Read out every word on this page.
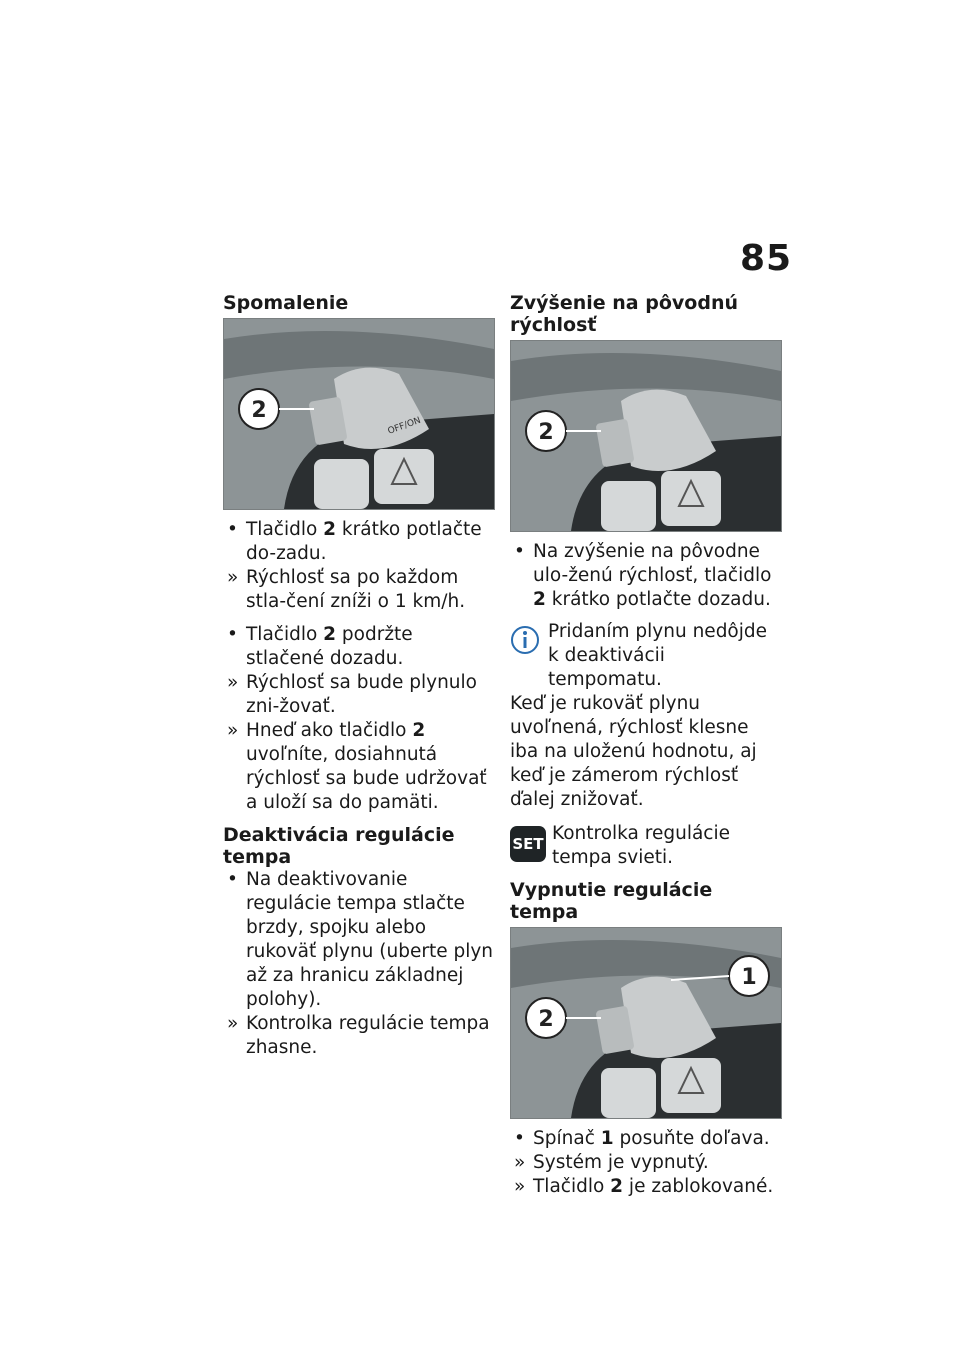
85
Spomalenie
OFF/ON
2

• Tlačidlo 2 krátko potlačte do-zadu.

» Rýchlosť sa po každom stla-čení zníži o 1 km/h.

• Tlačidlo 2 podržte stlačené dozadu.

» Rýchlosť sa bude plynulo zni-žovať.

» Hneď ako tlačidlo 2 uvoľníte, dosiahnutá rýchlosť sa bude udržovať a uloží sa do pamäti.

Deaktivácia regulácie tempa

• Na deaktivovanie regulácie tempa stlačte brzdy, spojku alebo rukoväť plynu (uberte plyn až za hranicu základnej polohy).

» Kontrolka regulácie tempa zhasne.

Zvýšenie na pôvodnú rýchlosť
2

• Na zvýšenie na pôvodne ulo-ženú rýchlosť, tlačidlo 2 krátko potlačte dozadu.

Pridaním plynu nedôjde k deaktivácii tempomatu.

Keď je rukoväť plynu uvoľnená, rýchlosť klesne iba na uloženú hodnotu, aj keď je zámerom rýchlosť ďalej znižovať.

SET Kontrolka regulácie tempa svieti.
Vypnutie regulácie tempa
1
2

• Spínač 1 posuňte doľava.

» Systém je vypnutý.

» Tlačidlo 2 je zablokované.
